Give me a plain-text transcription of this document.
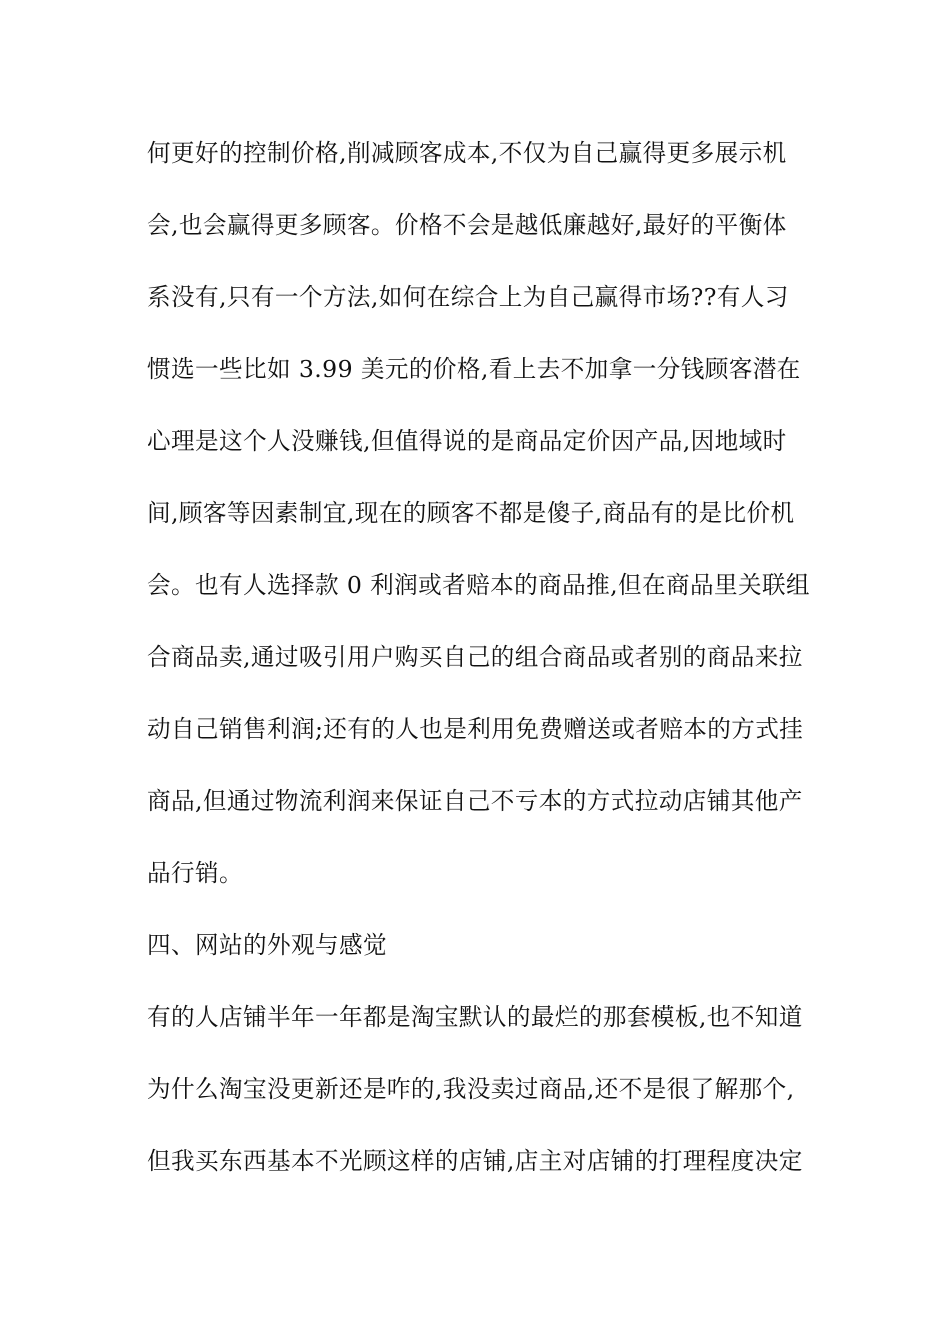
何更好的控制价格,削减顾客成本,不仅为自己赢得更多展示机
会,也会赢得更多顾客。价格不会是越低廉越好,最好的平衡体
系没有,只有一个方法,如何在综合上为自己赢得市场??有人习
惯选一些比如 3.99 美元的价格,看上去不加拿一分钱顾客潜在
心理是这个人没赚钱,但值得说的是商品定价因产品,因地域时
间,顾客等因素制宜,现在的顾客不都是傻子,商品有的是比价机
会。也有人选择款 0 利润或者赔本的商品推,但在商品里关联组
合商品卖,通过吸引用户购买自己的组合商品或者别的商品来拉
动自己销售利润;还有的人也是利用免费赠送或者赔本的方式挂
商品,但通过物流利润来保证自己不亏本的方式拉动店铺其他产
品行销。
四、网站的外观与感觉
有的人店铺半年一年都是淘宝默认的最烂的那套模板,也不知道
为什么淘宝没更新还是咋的,我没卖过商品,还不是很了解那个,
但我买东西基本不光顾这样的店铺,店主对店铺的打理程度决定
